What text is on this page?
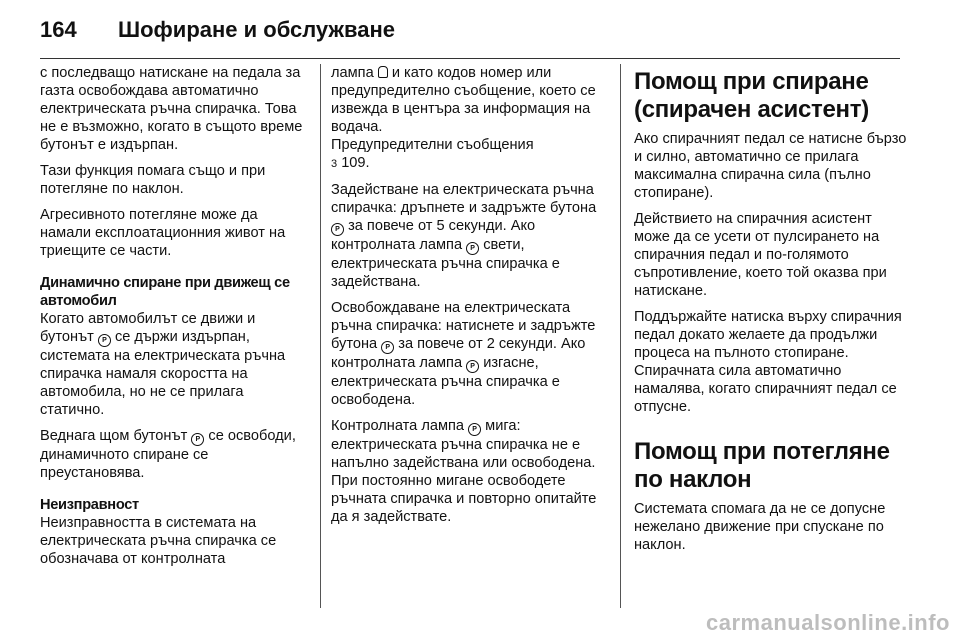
164	Шофиране и обслужване

с последващо натискане на педала за газта освобождава автоматично електрическата ръчна спирачка. Това не е възможно, когато в същото време бутонът е издърпан.

Тази функция помага също и при потегляне по наклон.

Агресивното потегляне може да намали експлоатационния живот на триещите се части.

Динамично спиране при движещ се автомобил

Когато автомобилът се движи и бутонът P се държи издърпан, системата на електрическата ръчна спирачка намаля скоростта на автомобила, но не се прилага статично.

Веднага щом бутонът P се освободи, динамичното спиране се преустановява.

Неизправност

Неизправността в системата на електрическата ръчна спирачка се обозначава от контролната

лампа и като кодов номер или предупредително съобщение, което се извежда в центъра за информация на водача.

Предупредителни съобщения
3 109.

Задействане на електрическата ръчна спирачка: дръпнете и задръжте бутона P за повече от 5 секунди. Ако контролната лампа P свети, електрическата ръчна спирачка е задействана.

Освобождаване на електрическата ръчна спирачка: натиснете и задръжте бутона P за повече от 2 секунди. Ако контролната лампа P изгасне, електрическата ръчна спирачка е освободена.

Контролната лампа P мига: електрическата ръчна спирачка не е напълно задействана или освободена. При постоянно мигане освободете ръчната спирачка и повторно опитайте да я задействате.

Помощ при спиране (спирачен асистент)

Ако спирачният педал се натисне бързо и силно, автоматично се прилага максимална спирачна сила (пълно стопиране).

Действието на спирачния асистент може да се усети от пулсирането на спирачния педал и по-голямото съпротивление, което той оказва при натискане.

Поддържайте натиска върху спирачния педал докато желаете да продължи процеса на пълното стопиране. Спирачната сила автоматично намалява, когато спирачният педал се отпусне.

Помощ при потегляне по наклон

Системата спомага да не се допусне нежелано движение при спускане по наклон.

carmanualsonline.info
